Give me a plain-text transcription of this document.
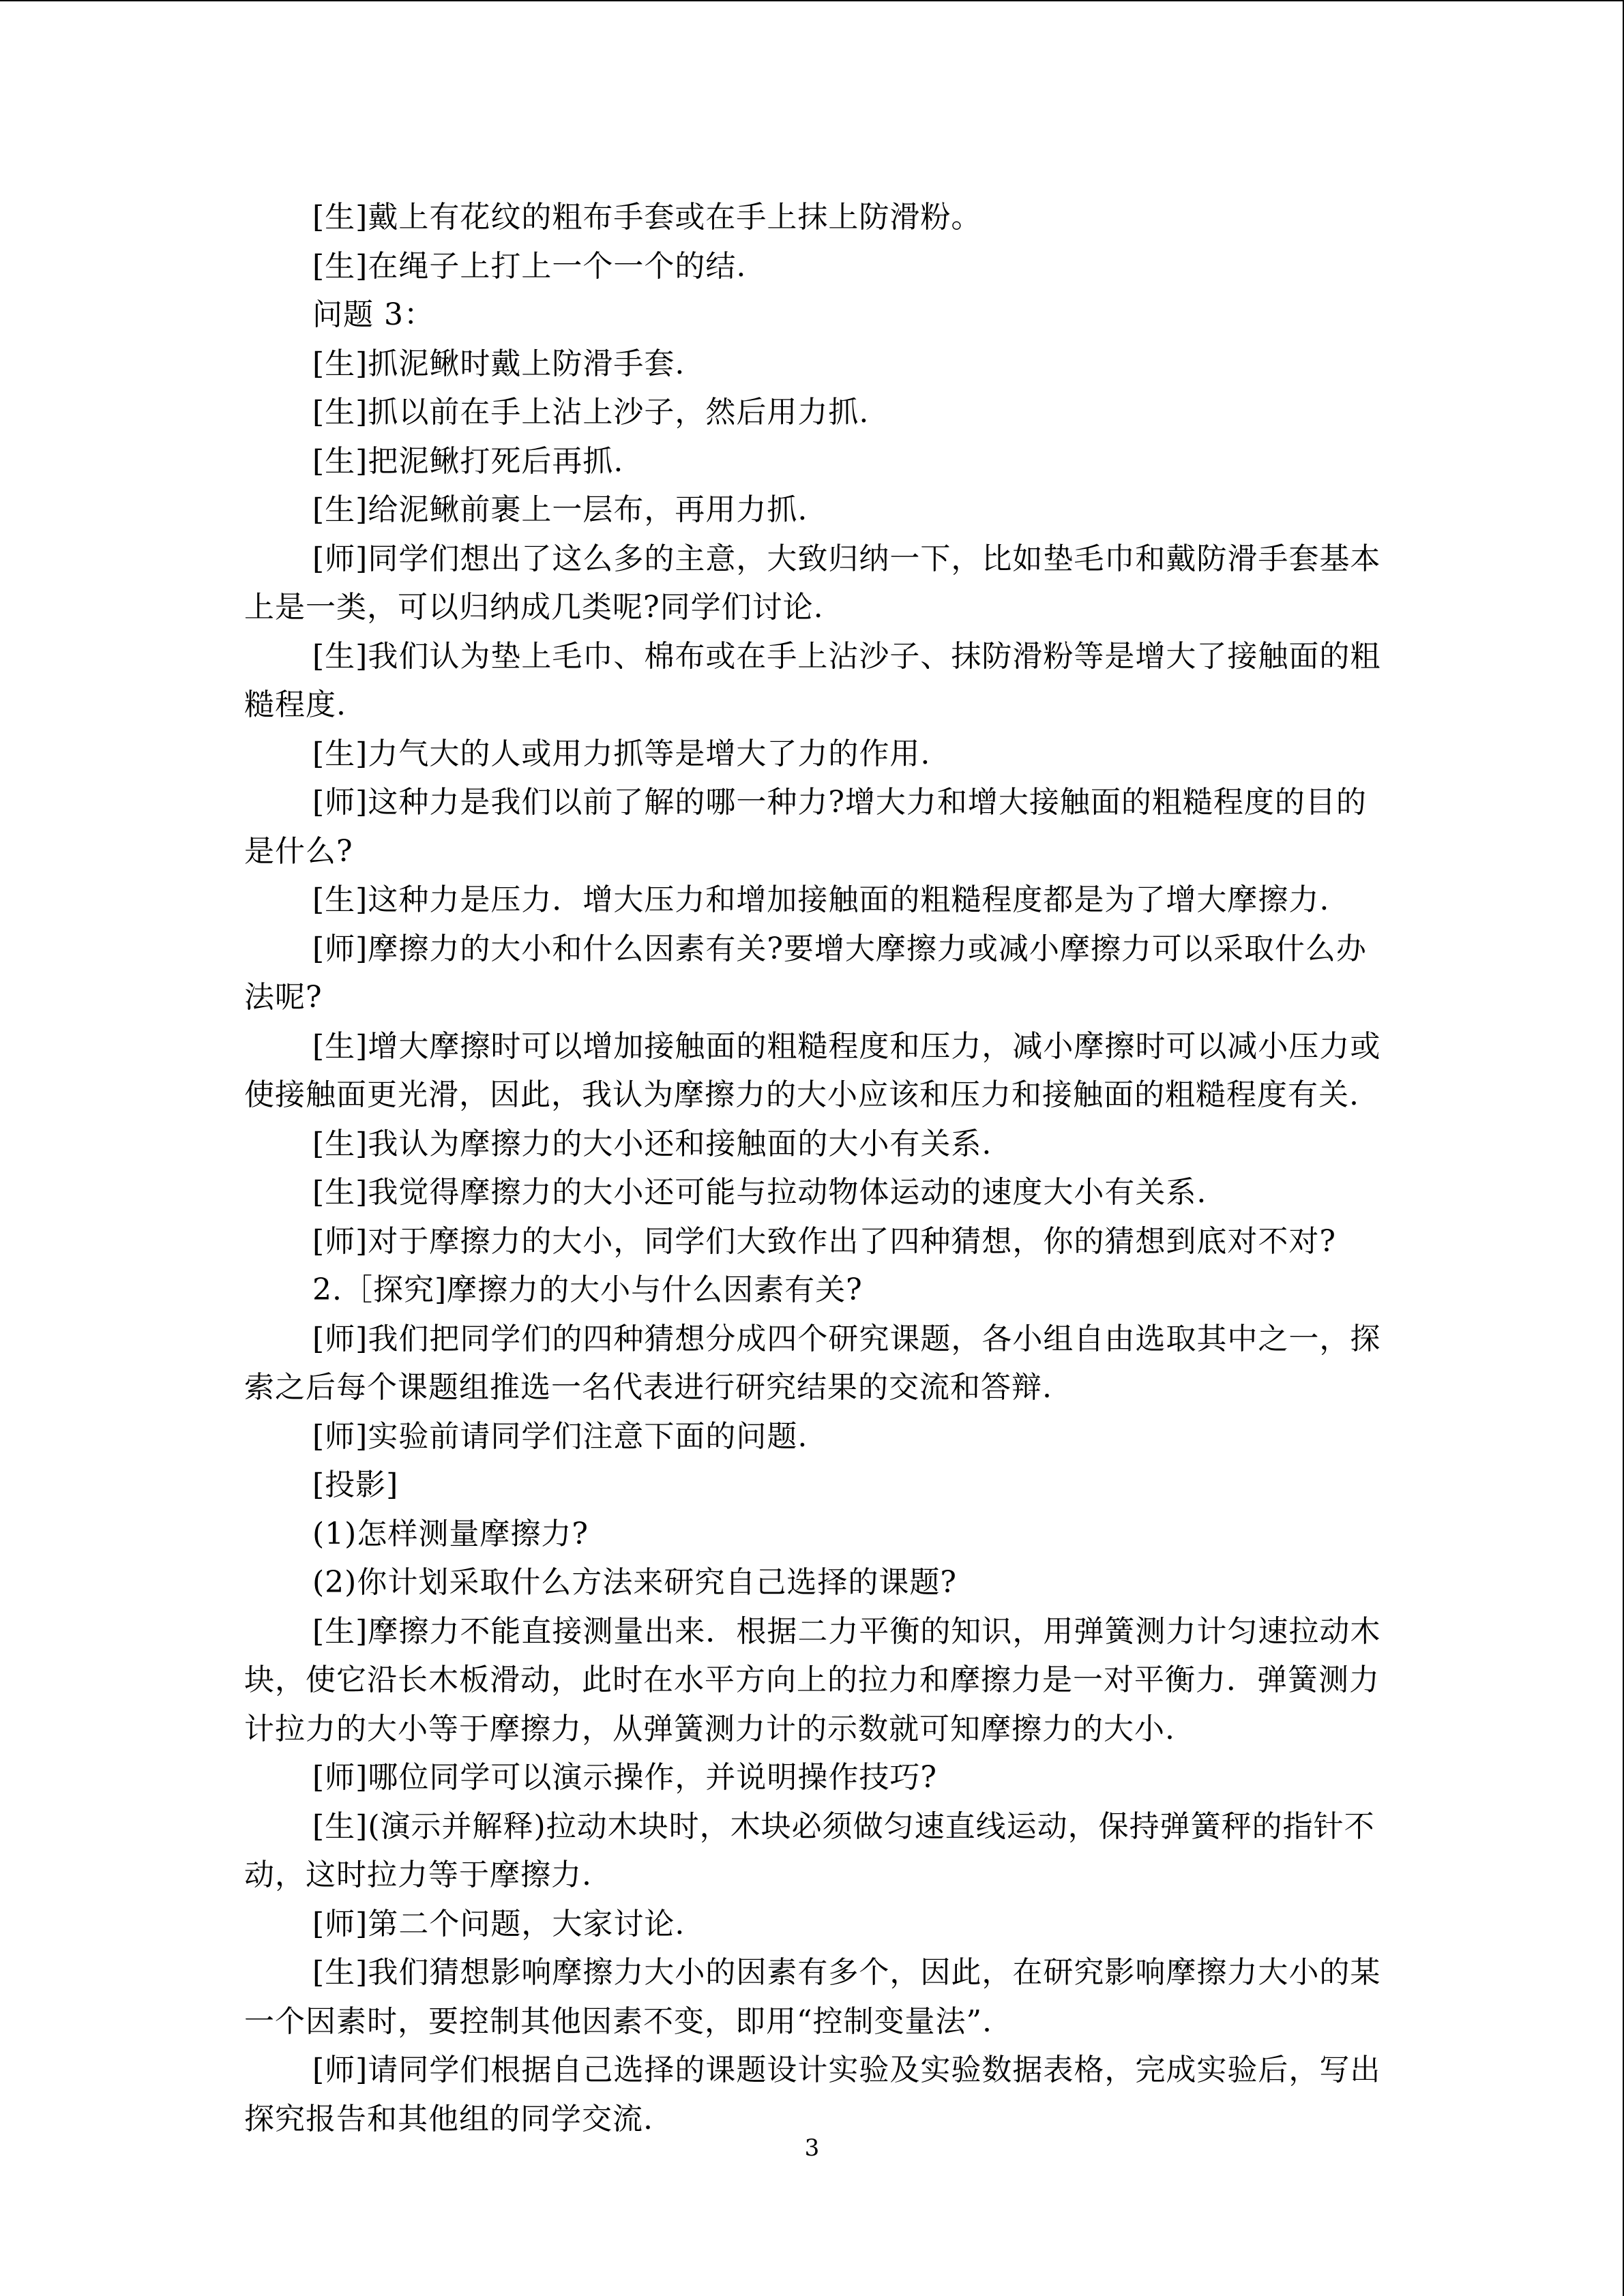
[生]戴上有花纹的粗布手套或在手上抹上防滑粉。

[生]在绳子上打上一个一个的结.

问题 3：

[生]抓泥鳅时戴上防滑手套.

[生]抓以前在手上沾上沙子，然后用力抓.

[生]把泥鳅打死后再抓.

[生]给泥鳅前裹上一层布，再用力抓.

[师]同学们想出了这么多的主意，大致归纳一下，比如垫毛巾和戴防滑手套基本上是一类，可以归纳成几类呢?同学们讨论.

[生]我们认为垫上毛巾、棉布或在手上沾沙子、抹防滑粉等是增大了接触面的粗糙程度.

[生]力气大的人或用力抓等是增大了力的作用.

[师]这种力是我们以前了解的哪一种力?增大力和增大接触面的粗糙程度的目的是什么?

[生]这种力是压力．增大压力和增加接触面的粗糙程度都是为了增大摩擦力.

[师]摩擦力的大小和什么因素有关?要增大摩擦力或减小摩擦力可以采取什么办法呢?

[生]增大摩擦时可以增加接触面的粗糙程度和压力，减小摩擦时可以减小压力或使接触面更光滑，因此，我认为摩擦力的大小应该和压力和接触面的粗糙程度有关.

[生]我认为摩擦力的大小还和接触面的大小有关系.

[生]我觉得摩擦力的大小还可能与拉动物体运动的速度大小有关系.

[师]对于摩擦力的大小，同学们大致作出了四种猜想，你的猜想到底对不对?

2.［探究]摩擦力的大小与什么因素有关?

[师]我们把同学们的四种猜想分成四个研究课题，各小组自由选取其中之一，探索之后每个课题组推选一名代表进行研究结果的交流和答辩.

[师]实验前请同学们注意下面的问题.

[投影]

(1)怎样测量摩擦力?

(2)你计划采取什么方法来研究自己选择的课题?

[生]摩擦力不能直接测量出来．根据二力平衡的知识，用弹簧测力计匀速拉动木块，使它沿长木板滑动，此时在水平方向上的拉力和摩擦力是一对平衡力．弹簧测力计拉力的大小等于摩擦力，从弹簧测力计的示数就可知摩擦力的大小.

[师]哪位同学可以演示操作，并说明操作技巧?

[生](演示并解释)拉动木块时，木块必须做匀速直线运动，保持弹簧秤的指针不动，这时拉力等于摩擦力.

[师]第二个问题，大家讨论.

[生]我们猜想影响摩擦力大小的因素有多个，因此，在研究影响摩擦力大小的某一个因素时，要控制其他因素不变，即用“控制变量法”.

[师]请同学们根据自己选择的课题设计实验及实验数据表格，完成实验后，写出探究报告和其他组的同学交流.

3
